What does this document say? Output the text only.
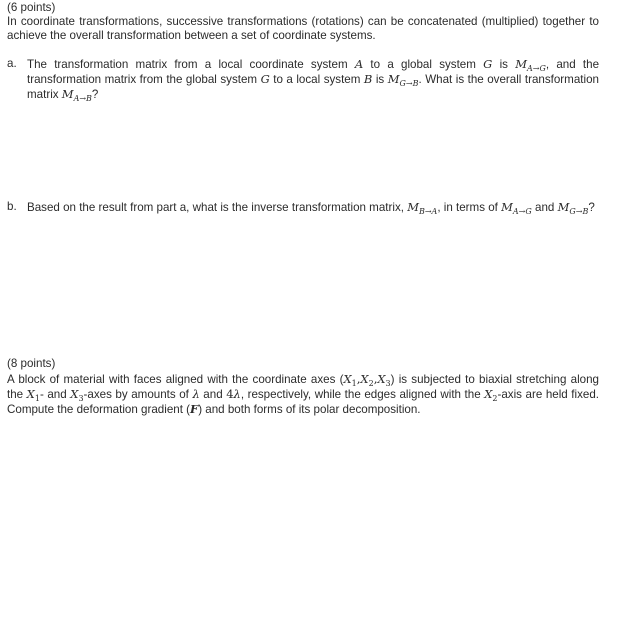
(6 points)
In coordinate transformations, successive transformations (rotations) can be concatenated (multiplied) together to achieve the overall transformation between a set of coordinate systems.
a. The transformation matrix from a local coordinate system A to a global system G is $M_{A\to G}$, and the transformation matrix from the global system G to a local system B is $M_{G\to B}$. What is the overall transformation matrix $M_{A\to B}$?
b. Based on the result from part a, what is the inverse transformation matrix, $M_{B\to A}$, in terms of $M_{A\to G}$ and $M_{G\to B}$?
(8 points)
A block of material with faces aligned with the coordinate axes $(X_1,X_2,X_3)$ is subjected to biaxial stretching along the $X_1-$ and $X_3$-axes by amounts of λ and 4λ, respectively, while the edges aligned with the $X_2$-axis are held fixed. Compute the deformation gradient (F) and both forms of its polar decomposition.
